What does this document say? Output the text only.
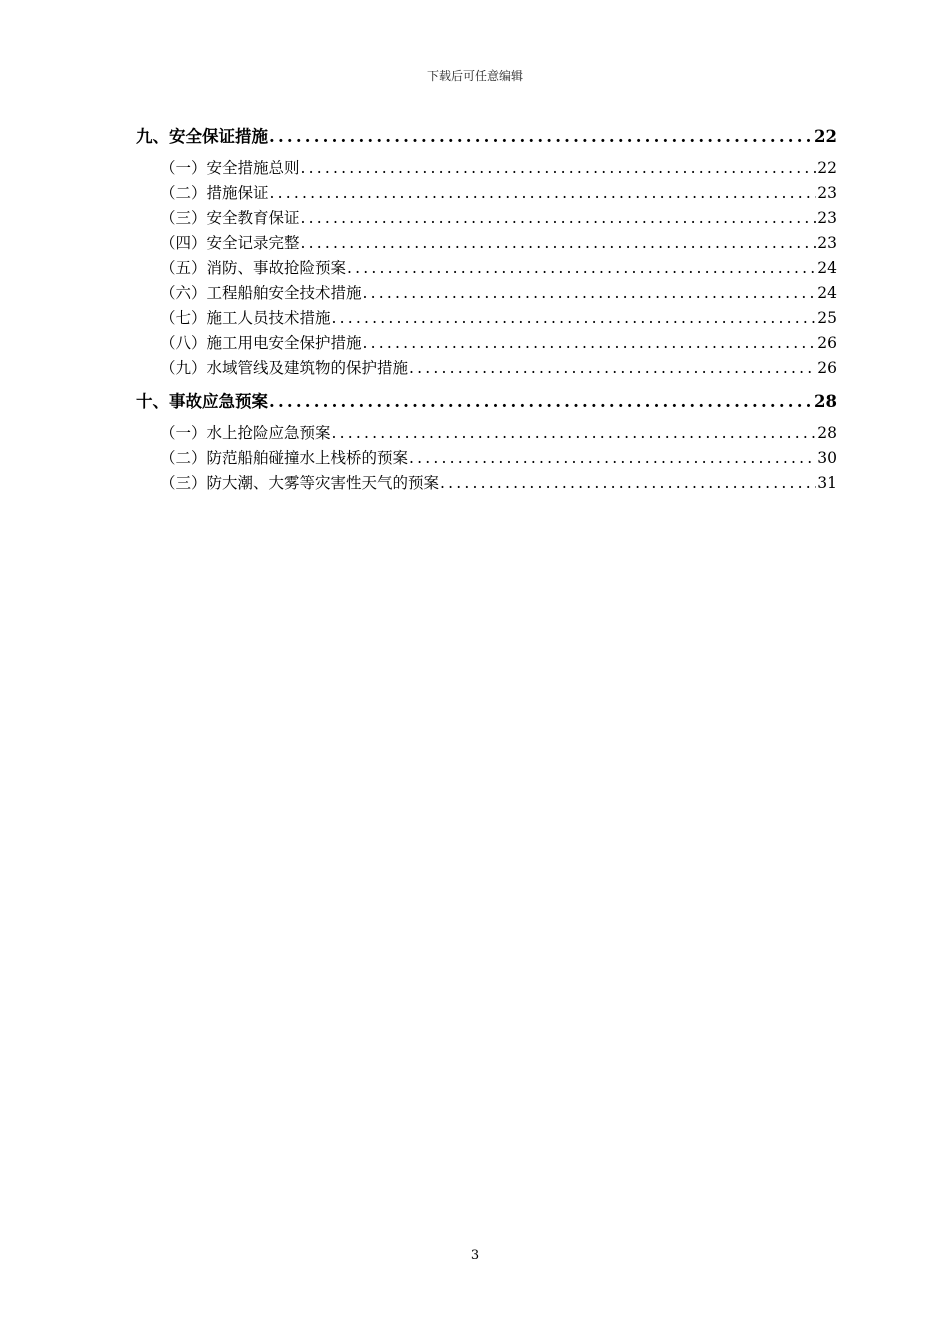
下载后可任意编辑
九、安全保证措施 .....	22
（一）安全措施总则 .....	22
（二）措施保证 .....	23
（三）安全教育保证 .....	23
（四）安全记录完整 .....	23
（五）消防、事故抢险预案 .....	24
（六）工程船舶安全技术措施 .....	24
（七）施工人员技术措施 .....	25
（八）施工用电安全保护措施 .....	26
（九）水域管线及建筑物的保护措施 .....	26
十、事故应急预案 .....	28
（一）水上抢险应急预案 .....	28
（二）防范船舶碰撞水上栈桥的预案 .....	30
（三）防大潮、大雾等灾害性天气的预案 .....	31
3
